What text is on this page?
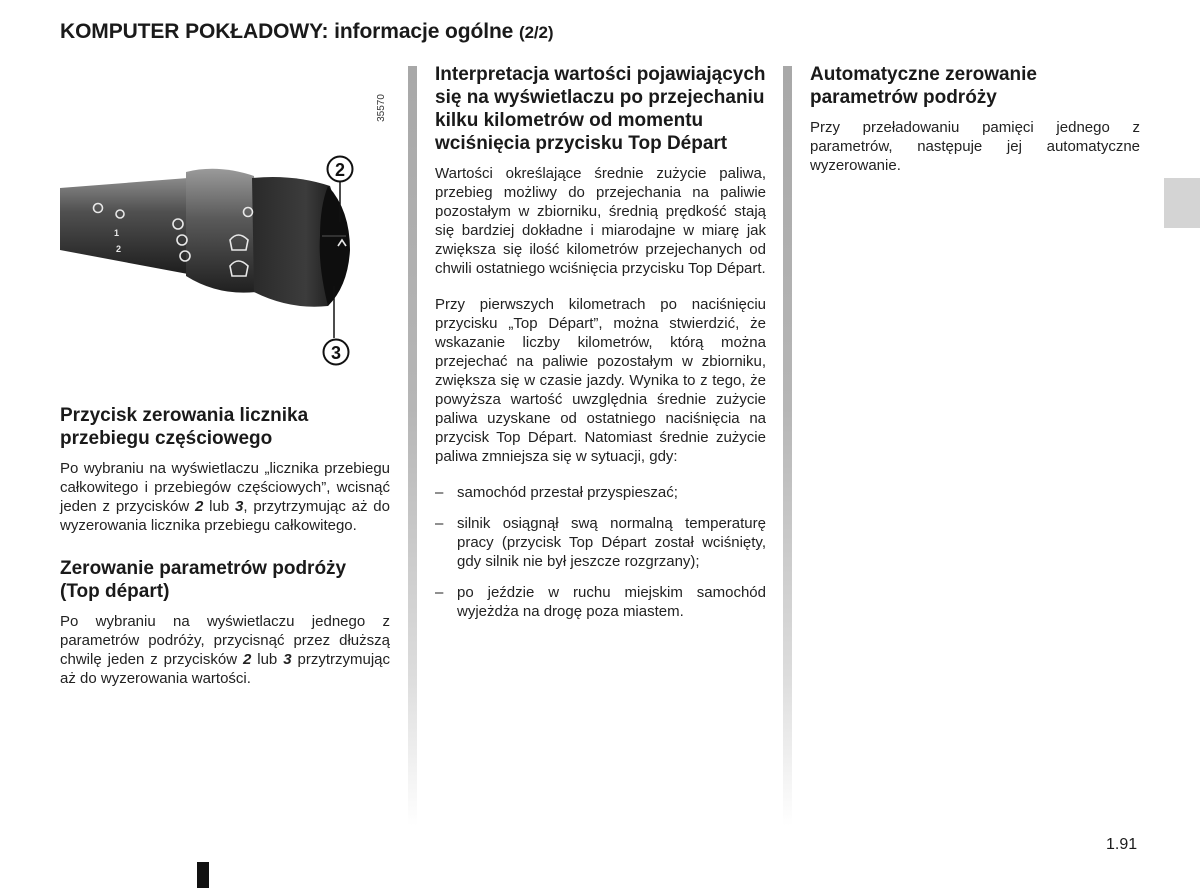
KOMPUTER POKŁADOWY: informacje ogólne (2/2)
35570
1
2
2
3
Przycisk zerowania licznika przebiegu częściowego

Po wybraniu na wyświetlaczu „licznika przebiegu całkowitego i przebiegów częściowych”, wcisnąć jeden z przycisków 2 lub 3, przytrzymując aż do wyzerowania licznika przebiegu całkowitego.

Zerowanie parametrów podróży (Top départ)

Po wybraniu na wyświetlaczu jednego z parametrów podróży, przycisnąć przez dłuższą chwilę jeden z przycisków 2 lub 3 przytrzymując aż do wyzerowania wartości.

Interpretacja wartości pojawiających się na wyświetlaczu po przejechaniu kilku kilometrów od momentu wciśnięcia przycisku Top Départ

Wartości określające średnie zużycie paliwa, przebieg możliwy do przejechania na paliwie pozostałym w zbiorniku, średnią prędkość stają się bardziej dokładne i miarodajne w miarę jak zwiększa się ilość kilometrów przejechanych od chwili ostatniego wciśnięcia przycisku Top Départ.

Przy pierwszych kilometrach po naciśnięciu przycisku „Top Départ”, można stwierdzić, że wskazanie liczby kilometrów, którą można przejechać na paliwie pozostałym w zbiorniku, zwiększa się w czasie jazdy. Wynika to z tego, że powyższa wartość uwzględnia średnie zużycie paliwa uzyskane od ostatniego naciśnięcia na przycisk Top Départ. Natomiast średnie zużycie paliwa zmniejsza się w sytuacji, gdy:

– samochód przestał przyspieszać;
– silnik osiągnął swą normalną temperaturę pracy (przycisk Top Départ został wciśnięty, gdy silnik nie był jeszcze rozgrzany);
– po jeździe w ruchu miejskim samochód wyjeżdża na drogę poza miastem.
Automatyczne zerowanie parametrów podróży

Przy przeładowaniu pamięci jednego z parametrów, następuje jej automatyczne wyzerowanie.

1.91
